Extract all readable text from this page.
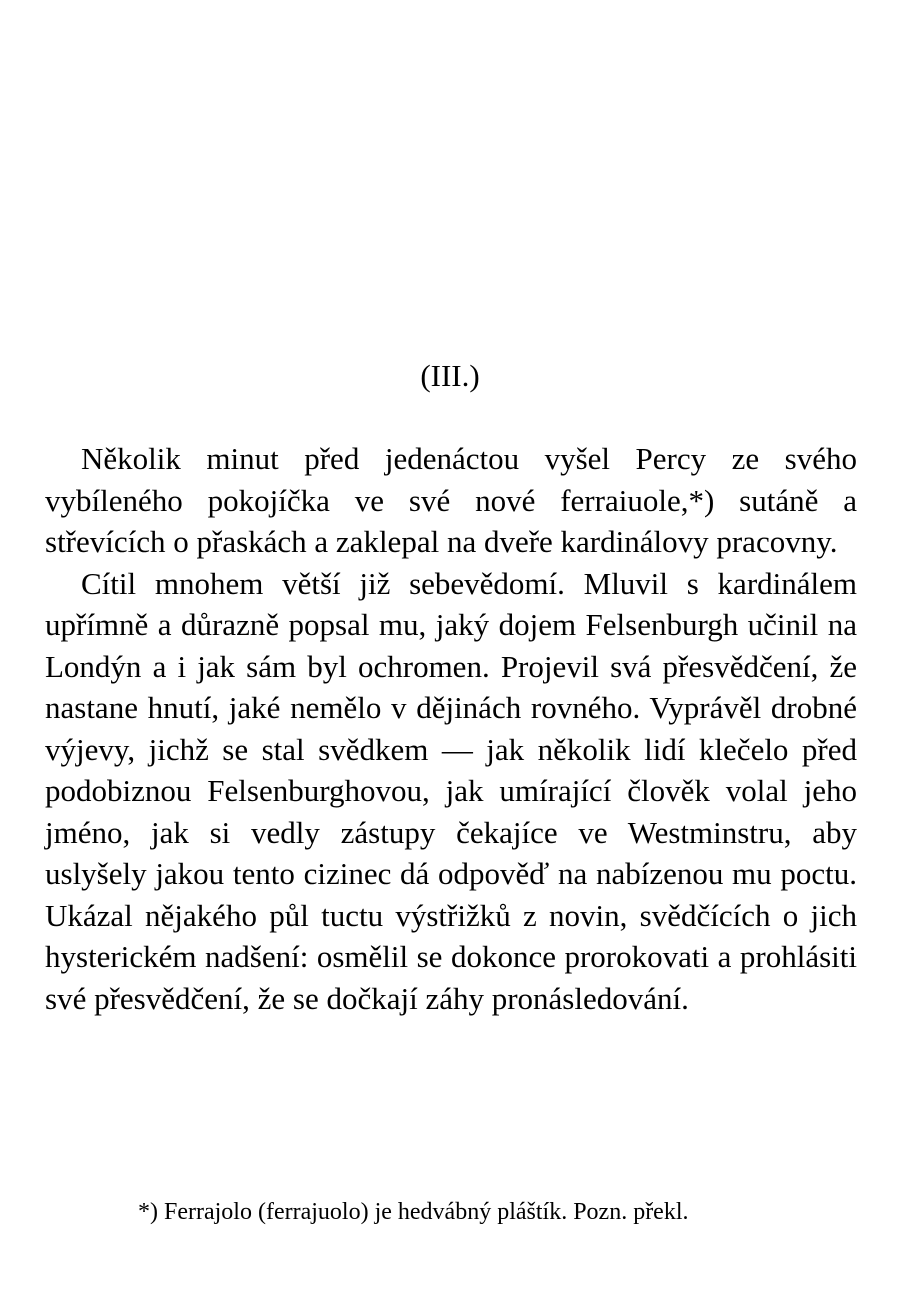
(III.)

Několik minut před jedenáctou vyšel Percy ze svého vybíleného pokojíčka ve své nové ferraiuole,*) sutáně a střevících o přaskách a zaklepal na dveře kardinálovy pracovny.

Cítil mnohem větší již sebevědomí. Mluvil s kardinálem upřímně a důrazně popsal mu, jaký dojem Felsenburgh učinil na Londýn a i jak sám byl ochromen. Projevil svá přesvědčení, že nastane hnutí, jaké nemělo v dějinách rovného. Vyprávěl drobné výjevy, jichž se stal svědkem — jak několik lidí klečelo před podobiznou Felsenburghovou, jak umírající člověk volal jeho jméno, jak si vedly zástupy čekajíce ve Westminstru, aby uslyšely jakou tento cizinec dá odpověď na nabízenou mu poctu. Ukázal nějakého půl tuctu výstřižků z novin, svědčících o jich hysterickém nadšení: osmělil se dokonce prorokovati a prohlásiti své přesvědčení, že se dočkají záhy pronásledování.

*) Ferrajolo (ferrajuolo) je hedvábný pláštík. Pozn. překl.
